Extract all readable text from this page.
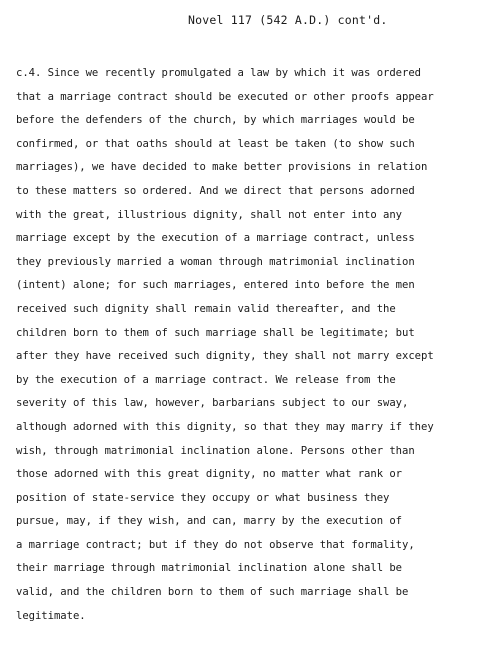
Novel 117 (542 A.D.) cont'd.
c.4. Since we recently promulgated a law by which it was ordered
that a marriage contract should be executed or other proofs appear
before the defenders of the church, by which marriages would be
confirmed, or that oaths should at least be taken (to show such
marriages), we have decided to make better provisions in relation
to these matters so ordered. And we direct that persons adorned
with the great, illustrious dignity, shall not enter into any
marriage except by the execution of a marriage contract, unless
they previously married a woman through matrimonial inclination
(intent) alone; for such marriages, entered into before the men
received such dignity shall remain valid thereafter, and the
children born to them of such marriage shall be legitimate; but
after they have received such dignity, they shall not marry except
by the execution of a marriage contract. We release from the
severity of this law, however, barbarians subject to our sway,
although adorned with this dignity, so that they may marry if they
wish, through matrimonial inclination alone. Persons other than
those adorned with this great dignity, no matter what rank or
position of state-service they occupy or what business they
pursue, may, if they wish, and can, marry by the execution of
a marriage contract; but if they do not observe that formality,
their marriage through matrimonial inclination alone shall be
valid, and the children born to them of such marriage shall be
legitimate.
